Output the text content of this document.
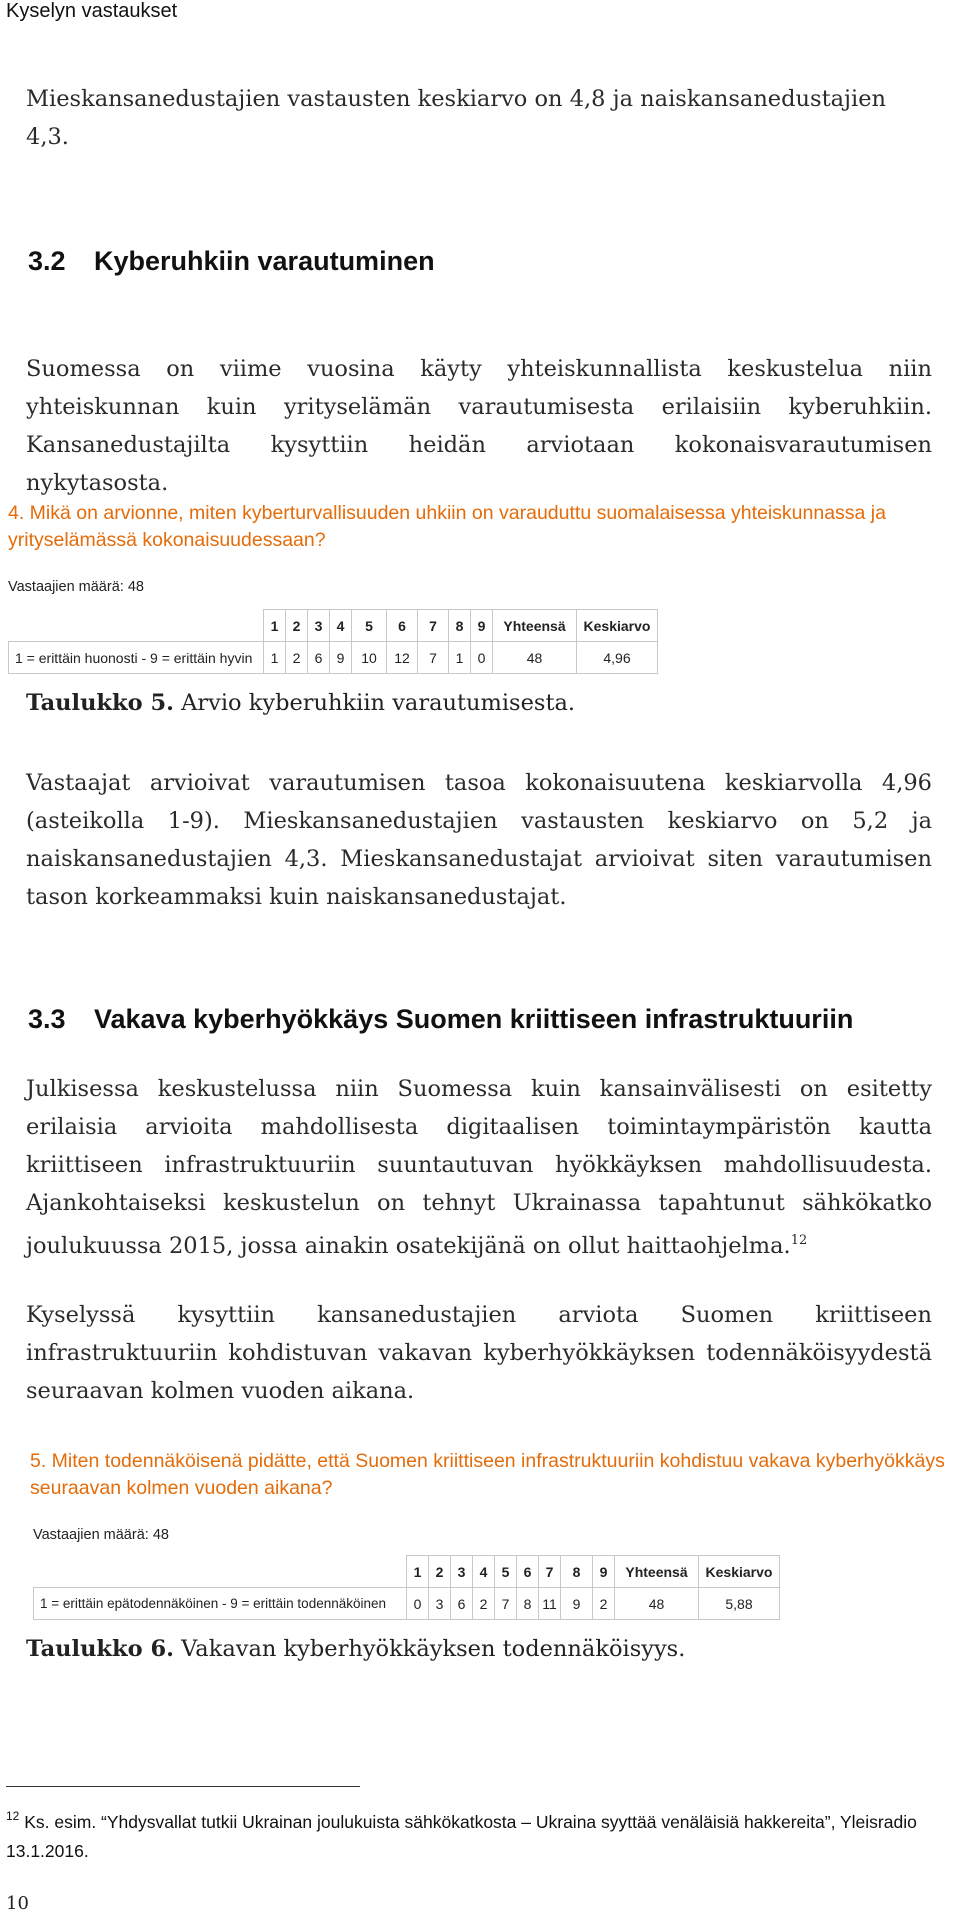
Kyselyn vastaukset

Mieskansanedustajien vastausten keskiarvo on 4,8 ja naiskansanedustajien 4,3.

3.2 Kyberuhkiin varautuminen

Suomessa on viime vuosina käyty yhteiskunnallista keskustelua niin yhteiskunnan kuin yrityselämän varautumisesta erilaisiin kyberuhkiin. Kansanedustajilta kysyttiin heidän arviotaan kokonaisvarautumisen nykytasosta.

4. Mikä on arvionne, miten kyberturvallisuuden uhkiin on varauduttu suomalaisessa yhteiskunnassa ja yrityselämässä kokonaisuudessaan?

Vastaajien määrä: 48
	1	2	3	4	5	6	7	8	9	Yhteensä	Keskiarvo
1 = erittäin huonosti - 9 = erittäin hyvin	1	2	6	9	10	12	7	1	0	48	4,96

Taulukko 5. Arvio kyberuhkiin varautumisesta.

Vastaajat arvioivat varautumisen tasoa kokonaisuutena keskiarvolla 4,96 (asteikolla 1-9). Mieskansanedustajien vastausten keskiarvo on 5,2 ja naiskansanedustajien 4,3. Mieskansanedustajat arvioivat siten varautumisen tason korkeammaksi kuin naiskansanedustajat.

3.3 Vakava kyberhyökkäys Suomen kriittiseen infrastruktuuriin

Julkisessa keskustelussa niin Suomessa kuin kansainvälisesti on esitetty erilaisia arvioita mahdollisesta digitaalisen toimintaympäristön kautta kriittiseen infrastruktuuriin suuntautuvan hyökkäyksen mahdollisuudesta. Ajankohtaiseksi keskustelun on tehnyt Ukrainassa tapahtunut sähkökatko joulukuussa 2015, jossa ainakin osatekijänä on ollut haittaohjelma.$^{12}$

Kyselyssä kysyttiin kansanedustajien arviota Suomen kriittiseen infrastruktuuriin kohdistuvan vakavan kyberhyökkäyksen todennäköisyydestä seuraavan kolmen vuoden aikana.

5. Miten todennäköisenä pidätte, että Suomen kriittiseen infrastruktuuriin kohdistuu vakava kyberhyökkäys seuraavan kolmen vuoden aikana?

Vastaajien määrä: 48
	1	2	3	4	5	6	7	8	9	Yhteensä	Keskiarvo
1 = erittäin epätodennäköinen - 9 = erittäin todennäköinen	0	3	6	2	7	8	11	9	2	48	5,88

Taulukko 6. Vakavan kyberhyökkäyksen todennäköisyys.

$^{12}$ Ks. esim. “Yhdysvallat tutkii Ukrainan joulukuista sähkökatkosta – Ukraina syyttää venäläisiä hakkereita”, Yleisradio 13.1.2016.

10
